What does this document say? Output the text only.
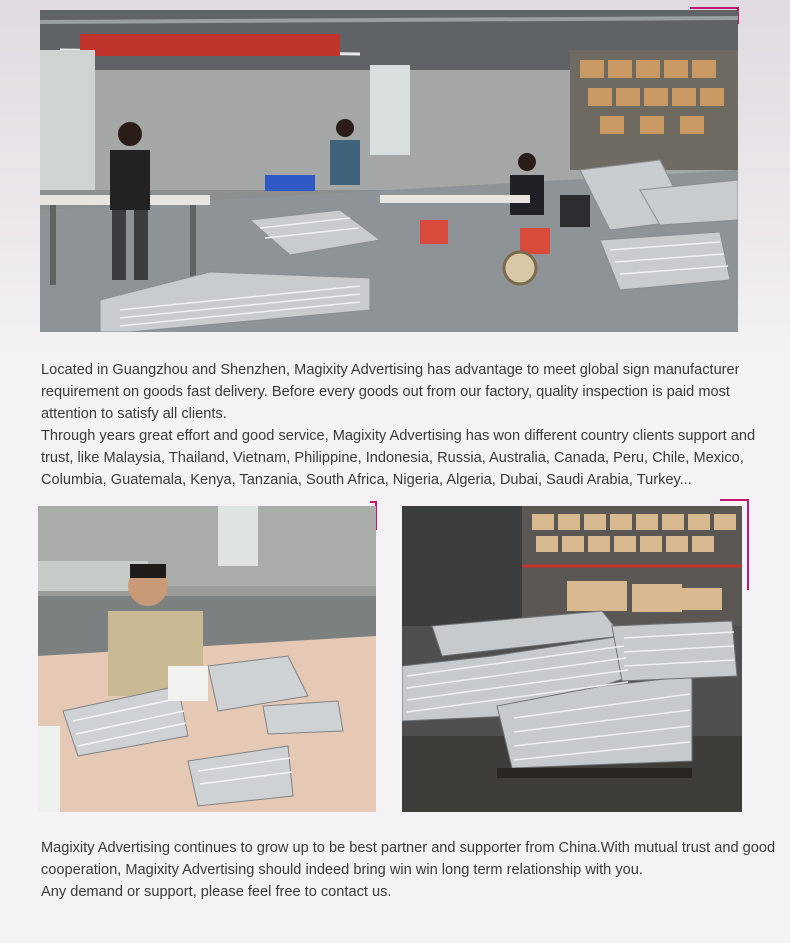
Located in Guangzhou and Shenzhen, Magixity Advertising has advantage to meet global sign manufacturer
requirement on goods fast delivery. Before every goods out from our factory, quality inspection is paid most
attention to satisfy all clients.
Through years great effort and good service, Magixity Advertising has won different country clients support and
trust, like Malaysia, Thailand, Vietnam, Philippine, Indonesia, Russia, Australia, Canada, Peru, Chile, Mexico,
Columbia, Guatemala, Kenya, Tanzania, South Africa, Nigeria, Algeria, Dubai, Saudi Arabia, Turkey...

Magixity Advertising continues to grow up to be best partner and supporter from China.With mutual trust and good
cooperation, Magixity Advertising should indeed bring win win long term relationship with you.
Any demand or support, please feel free to contact us.
